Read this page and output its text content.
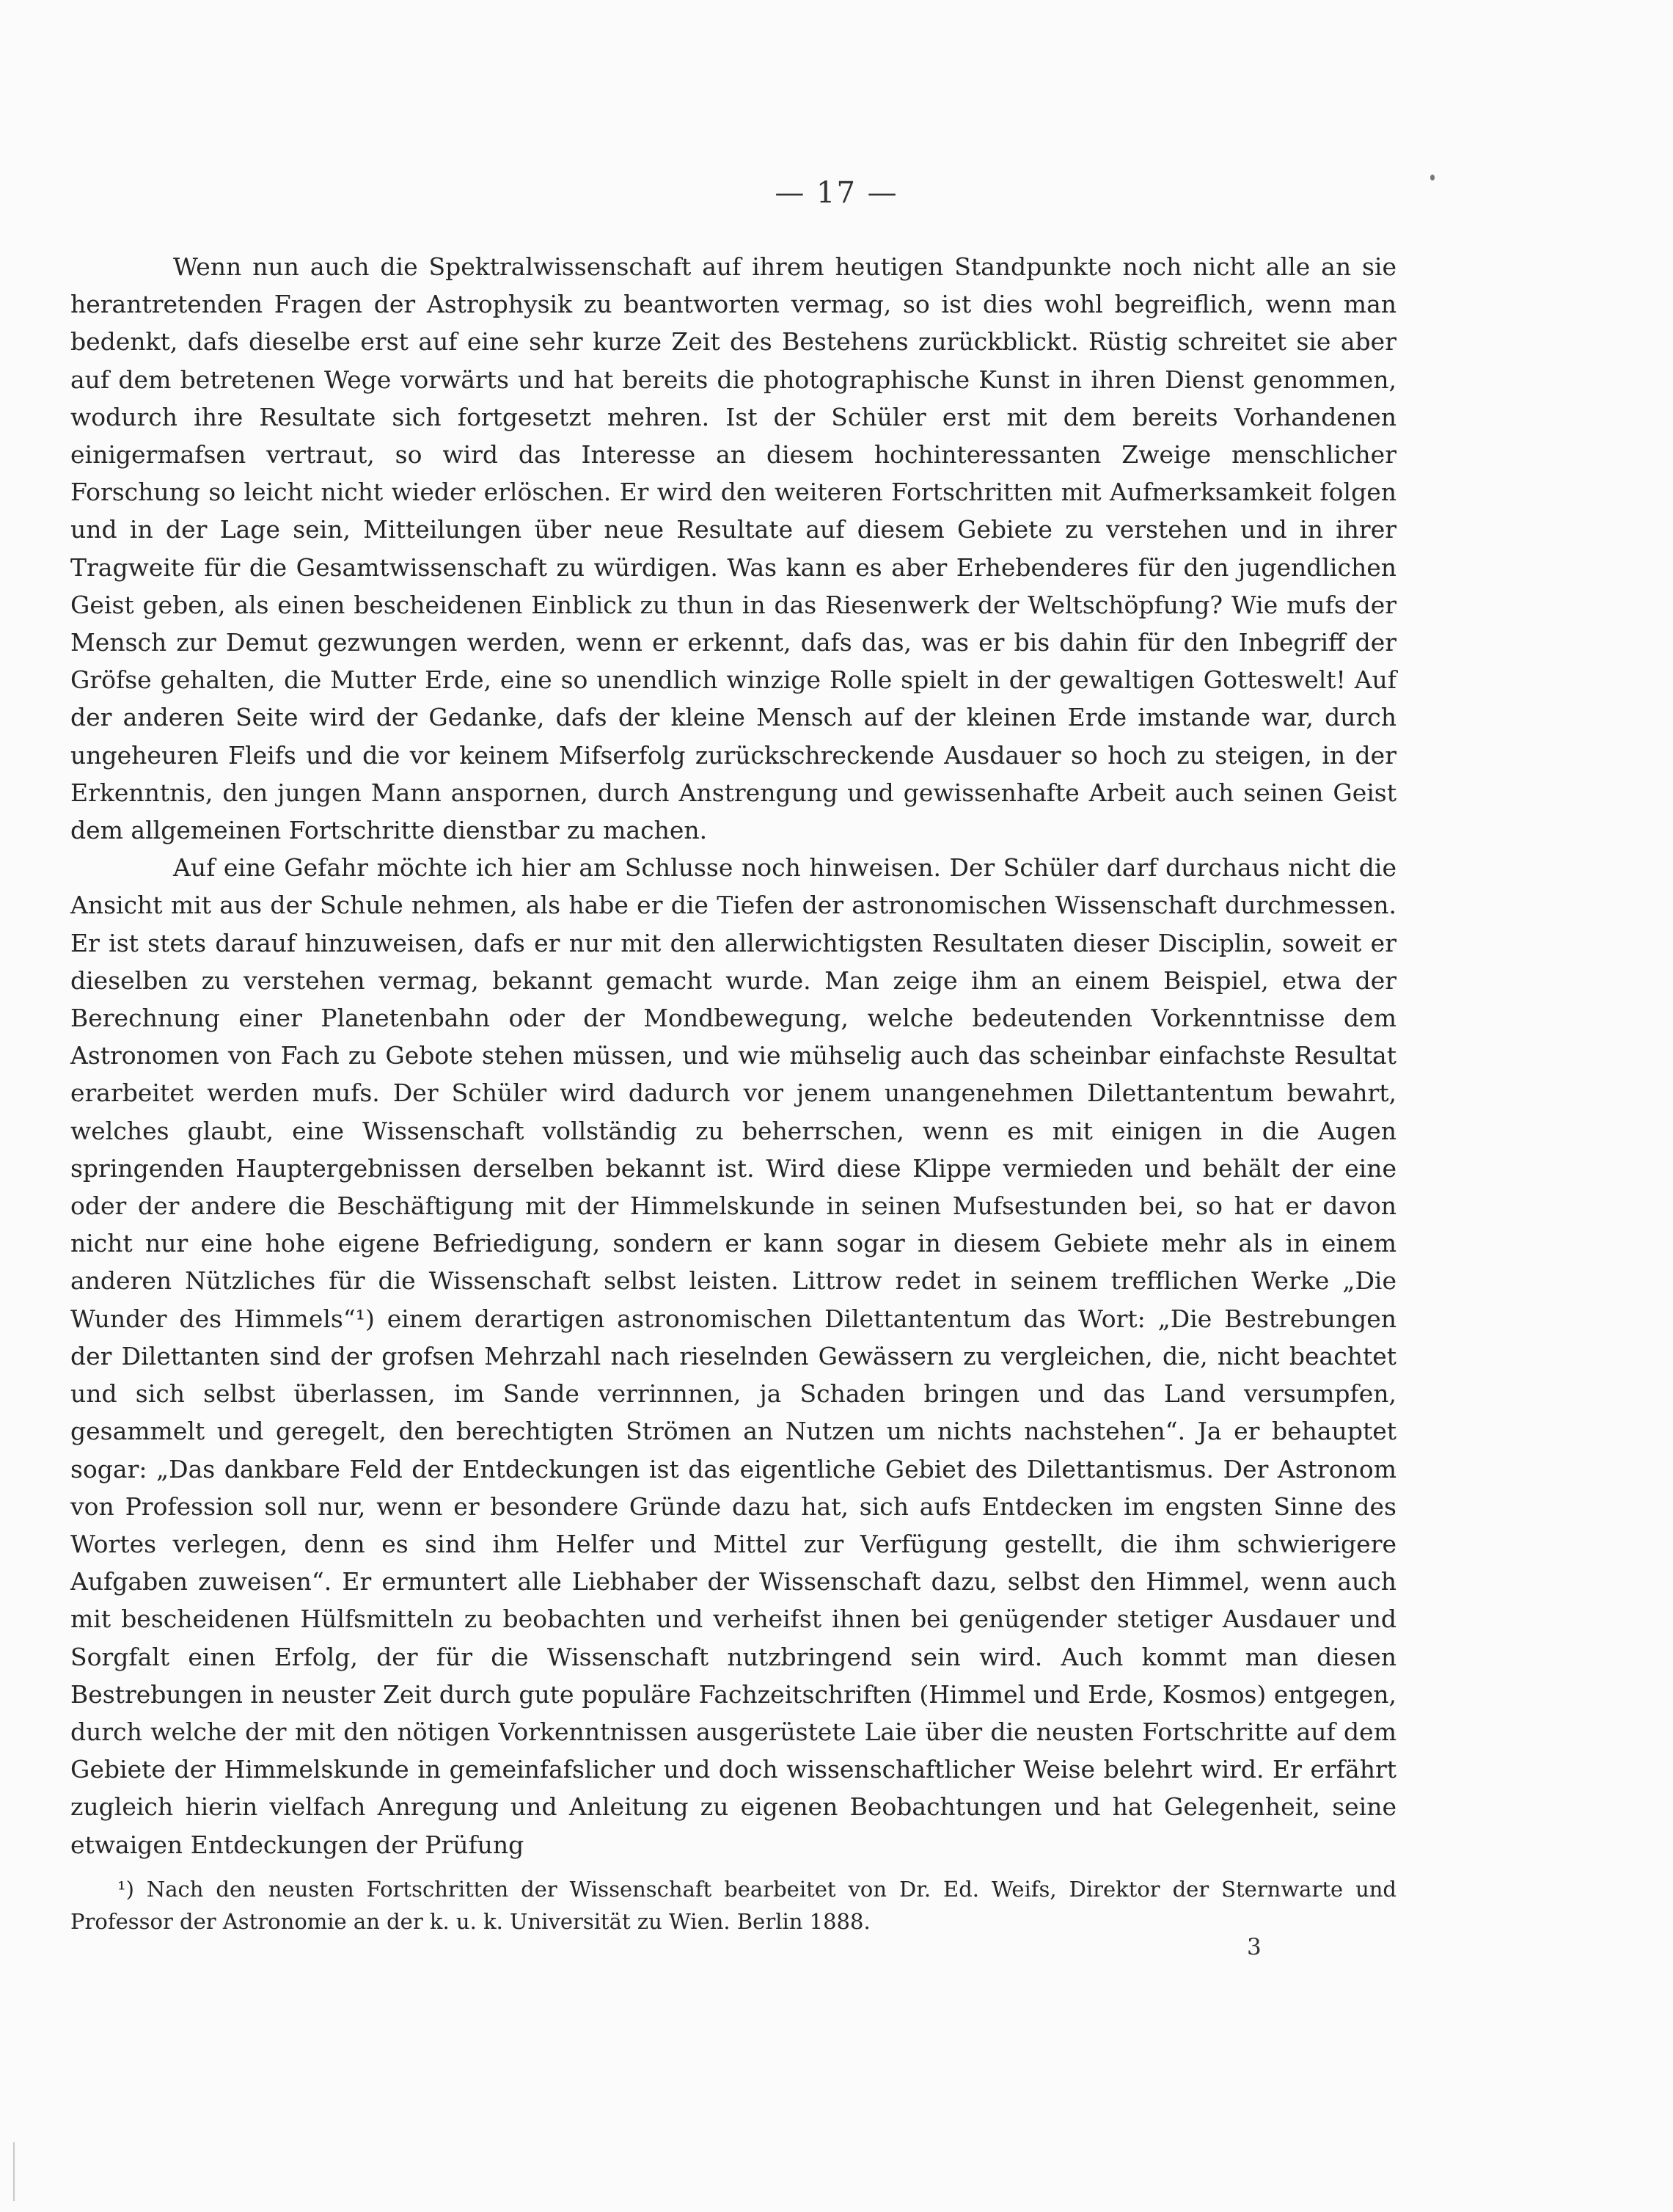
— 17 —

Wenn nun auch die Spektralwissenschaft auf ihrem heutigen Standpunkte noch nicht alle an sie herantretenden Fragen der Astrophysik zu beantworten vermag, so ist dies wohl begreiflich, wenn man bedenkt, dafs dieselbe erst auf eine sehr kurze Zeit des Bestehens zurückblickt. Rüstig schreitet sie aber auf dem betretenen Wege vorwärts und hat bereits die photographische Kunst in ihren Dienst genommen, wodurch ihre Resultate sich fortgesetzt mehren. Ist der Schüler erst mit dem bereits Vorhandenen einigermafsen vertraut, so wird das Interesse an diesem hochinteressanten Zweige menschlicher Forschung so leicht nicht wieder erlöschen. Er wird den weiteren Fortschritten mit Aufmerksamkeit folgen und in der Lage sein, Mitteilungen über neue Resultate auf diesem Gebiete zu verstehen und in ihrer Tragweite für die Gesamtwissenschaft zu würdigen. Was kann es aber Erhebenderes für den jugendlichen Geist geben, als einen bescheidenen Einblick zu thun in das Riesenwerk der Weltschöpfung? Wie mufs der Mensch zur Demut gezwungen werden, wenn er erkennt, dafs das, was er bis dahin für den Inbegriff der Gröfse gehalten, die Mutter Erde, eine so unendlich winzige Rolle spielt in der gewaltigen Gotteswelt! Auf der anderen Seite wird der Gedanke, dafs der kleine Mensch auf der kleinen Erde imstande war, durch ungeheuren Fleifs und die vor keinem Mifserfolg zurückschreckende Ausdauer so hoch zu steigen, in der Erkenntnis, den jungen Mann anspornen, durch Anstrengung und gewissenhafte Arbeit auch seinen Geist dem allgemeinen Fortschritte dienstbar zu machen.

Auf eine Gefahr möchte ich hier am Schlusse noch hinweisen. Der Schüler darf durchaus nicht die Ansicht mit aus der Schule nehmen, als habe er die Tiefen der astronomischen Wissenschaft durchmessen. Er ist stets darauf hinzuweisen, dafs er nur mit den allerwichtigsten Resultaten dieser Disciplin, soweit er dieselben zu verstehen vermag, bekannt gemacht wurde. Man zeige ihm an einem Beispiel, etwa der Berechnung einer Planetenbahn oder der Mondbewegung, welche bedeutenden Vorkenntnisse dem Astronomen von Fach zu Gebote stehen müssen, und wie mühselig auch das scheinbar einfachste Resultat erarbeitet werden mufs. Der Schüler wird dadurch vor jenem unangenehmen Dilettantentum bewahrt, welches glaubt, eine Wissenschaft vollständig zu beherrschen, wenn es mit einigen in die Augen springenden Hauptergebnissen derselben bekannt ist. Wird diese Klippe vermieden und behält der eine oder der andere die Beschäftigung mit der Himmelskunde in seinen Mufsestunden bei, so hat er davon nicht nur eine hohe eigene Befriedigung, sondern er kann sogar in diesem Gebiete mehr als in einem anderen Nützliches für die Wissenschaft selbst leisten. Littrow redet in seinem trefflichen Werke „Die Wunder des Himmels“¹) einem derartigen astronomischen Dilettantentum das Wort: „Die Bestrebungen der Dilettanten sind der grofsen Mehrzahl nach rieselnden Gewässern zu vergleichen, die, nicht beachtet und sich selbst überlassen, im Sande verrinnnen, ja Schaden bringen und das Land versumpfen, gesammelt und geregelt, den berechtigten Strömen an Nutzen um nichts nachstehen“. Ja er behauptet sogar: „Das dankbare Feld der Entdeckungen ist das eigentliche Gebiet des Dilettantismus. Der Astronom von Profession soll nur, wenn er besondere Gründe dazu hat, sich aufs Entdecken im engsten Sinne des Wortes verlegen, denn es sind ihm Helfer und Mittel zur Verfügung gestellt, die ihm schwierigere Aufgaben zuweisen“. Er ermuntert alle Liebhaber der Wissenschaft dazu, selbst den Himmel, wenn auch mit bescheidenen Hülfsmitteln zu beobachten und verheifst ihnen bei genügender stetiger Ausdauer und Sorgfalt einen Erfolg, der für die Wissenschaft nutzbringend sein wird. Auch kommt man diesen Bestrebungen in neuster Zeit durch gute populäre Fachzeitschriften (Himmel und Erde, Kosmos) entgegen, durch welche der mit den nötigen Vorkenntnissen ausgerüstete Laie über die neusten Fortschritte auf dem Gebiete der Himmelskunde in gemeinfafslicher und doch wissenschaftlicher Weise belehrt wird. Er erfährt zugleich hierin vielfach Anregung und Anleitung zu eigenen Beobachtungen und hat Gelegenheit, seine etwaigen Entdeckungen der Prüfung

¹) Nach den neusten Fortschritten der Wissenschaft bearbeitet von Dr. Ed. Weifs, Direktor der Sternwarte und Professor der Astronomie an der k. u. k. Universität zu Wien. Berlin 1888.

3
